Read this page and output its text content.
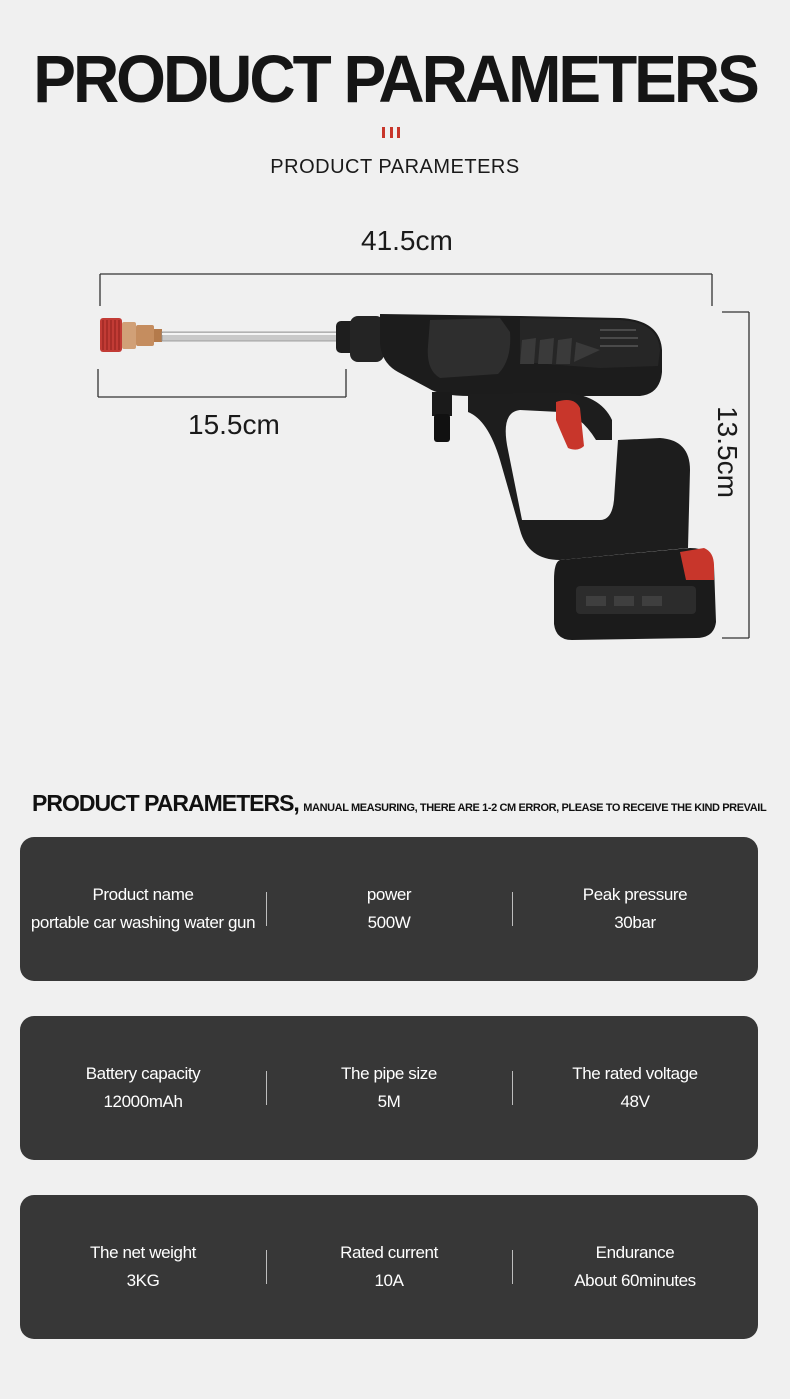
PRODUCT PARAMETERS
PRODUCT PARAMETERS
41.5cm
15.5cm	13.5cm
PRODUCT PARAMETERS, MANUAL MEASURING, THERE ARE 1-2 CM ERROR, PLEASE TO RECEIVE THE KIND PREVAIL
Product name
portable car washing water gun
power
500W
Peak pressure
30bar
Battery capacity
12000mAh
The pipe size
5M
The rated voltage
48V
The net weight
3KG
Rated current
10A
Endurance
About 60minutes
